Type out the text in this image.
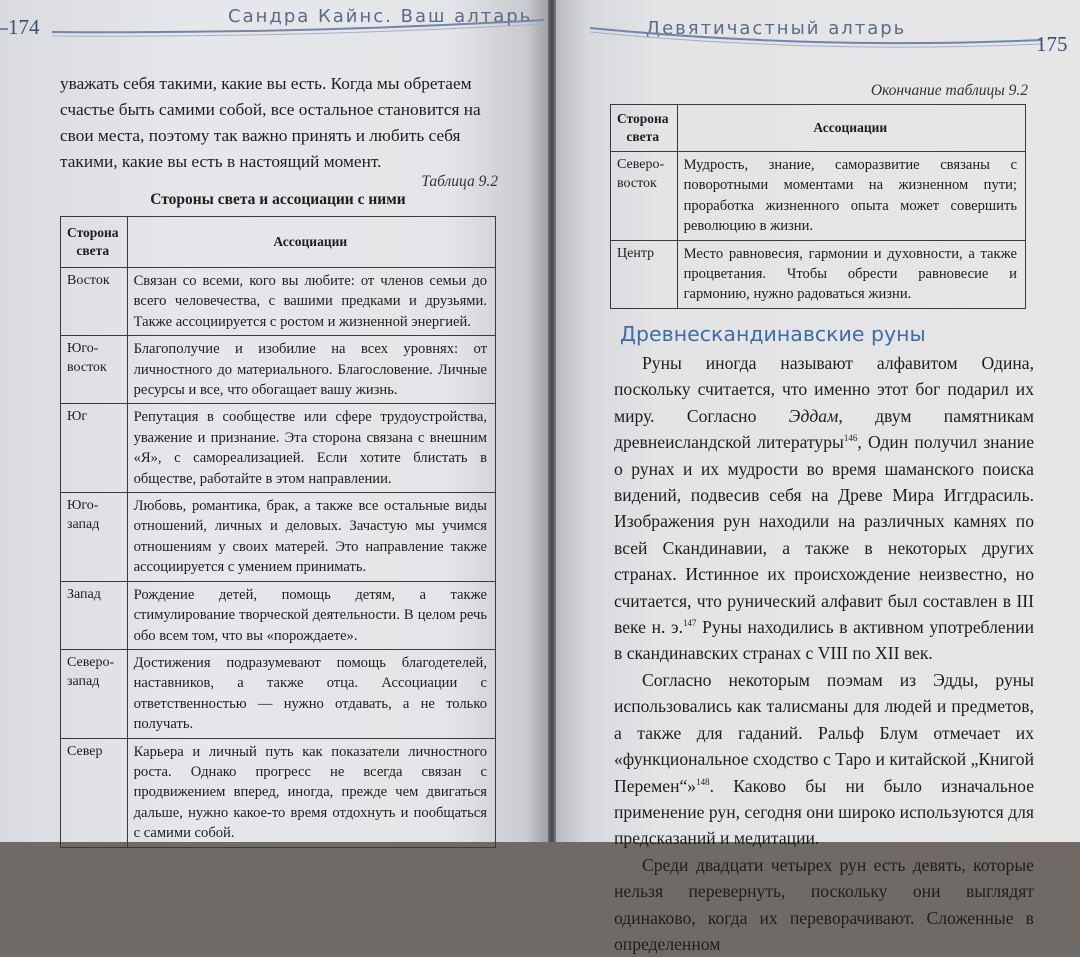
174	Сандра Кайнс. Ваш алтарь
уважать себя такими, какие вы есть. Когда мы обретаем
счастье быть самими собой, все остальное становится на
свои места, поэтому так важно принять и любить себя
такими, какие вы есть в настоящий момент.
Таблица 9.2
Стороны света и ассоциации с ними
Сторона света	Ассоциации
Восток	Связан со всеми, кого вы любите: от членов семьи до всего человечества, с вашими предками и друзьями. Также ассоциируется с ростом и жизненной энергией.
Юго-восток	Благополучие и изобилие на всех уровнях: от личностного до материального. Благословение. Личные ресурсы и все, что обогащает вашу жизнь.
Юг	Репутация в сообществе или сфере трудоустройства, уважение и признание. Эта сторона связана с внешним «Я», с самореализацией. Если хотите блистать в обществе, работайте в этом направлении.
Юго-запад	Любовь, романтика, брак, а также все остальные виды отношений, личных и деловых. Зачастую мы учимся отношениям у своих матерей. Это направление также ассоциируется с умением принимать.
Запад	Рождение детей, помощь детям, а также стимулирование творческой деятельности. В целом речь обо всем том, что вы «порождаете».
Северо-запад	Достижения подразумевают помощь благодетелей, наставников, а также отца. Ассоциации с ответственностью — нужно отдавать, а не только получать.
Север	Карьера и личный путь как показатели личностного роста. Однако прогресс не всегда связан с продвижением вперед, иногда, прежде чем двигаться дальше, нужно какое-то время отдохнуть и пообщаться с самими собой.
Девятичастный алтарь
175
Окончание таблицы 9.2
Сторона света	Ассоциации
Северо-восток	Мудрость, знание, саморазвитие связаны с поворотными моментами на жизненном пути; проработка жизненного опыта может совершить революцию в жизни.
Центр	Место равновесия, гармонии и духовности, а также процветания. Чтобы обрести равновесие и гармонию, нужно радоваться жизни.
Древнескандинавские руны

Руны иногда называют алфавитом Одина, поскольку считается, что именно этот бог подарил их миру. Согласно Эддам, двум памятникам древнеисландской литературы$^{146}$, Один получил знание о рунах и их мудрости во время шаманского поиска видений, подвесив себя на Древе Мира Иггдрасиль. Изображения рун находили на различных камнях по всей Скандинавии, а также в некоторых других странах. Истинное их происхождение неизвестно, но считается, что рунический алфавит был составлен в III веке н. э.$^{147}$ Руны находились в активном употреблении в скандинавских странах с VIII по XII век.

Согласно некоторым поэмам из Эдды, руны использовались как талисманы для людей и предметов, а также для гаданий. Ральф Блум отмечает их «функциональное сходство с Таро и китайской „Книгой Перемен“»$^{148}$. Каково бы ни было изначальное применение рун, сегодня они широко используются для предсказаний и медитации.

Среди двадцати четырех рун есть девять, которые нельзя перевернуть, поскольку они выглядят одинаково, когда их переворачивают. Сложенные в определенном
